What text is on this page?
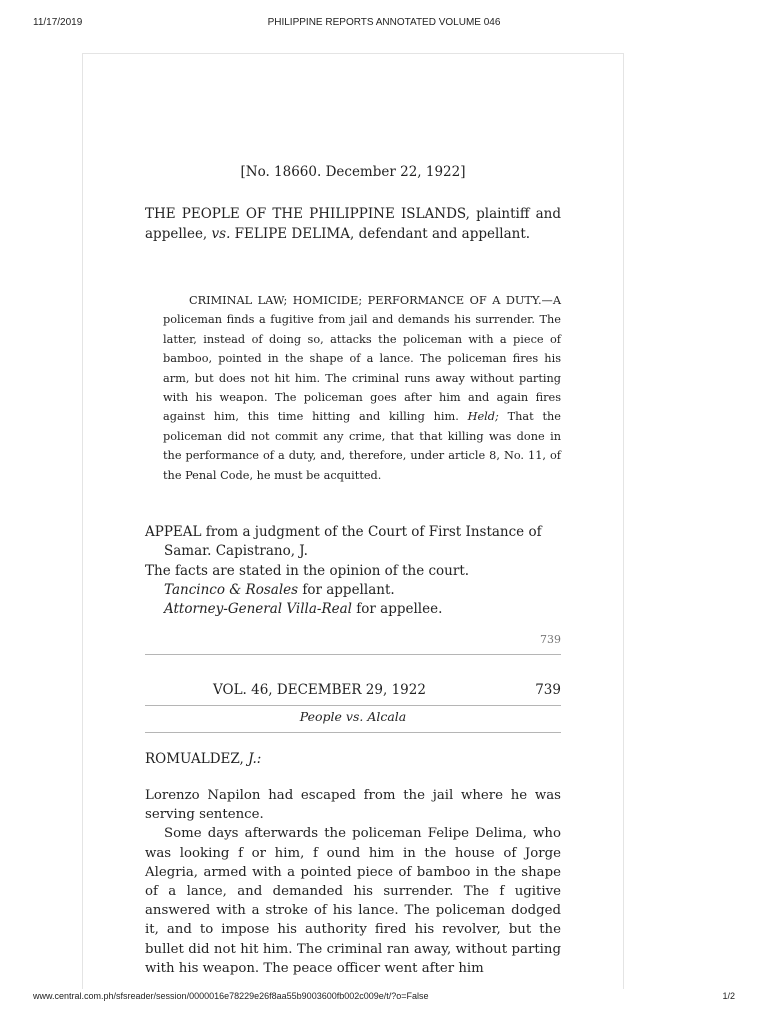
11/17/2019	PHILIPPINE REPORTS ANNOTATED VOLUME 046
[No. 18660. December 22, 1922]
THE PEOPLE OF THE PHILIPPINE ISLANDS, plaintiff and appellee, vs. FELIPE DELIMA, defendant and appellant.

CRIMINAL LAW; HOMICIDE; PERFORMANCE OF A DUTY.—A policeman finds a fugitive from jail and demands his surrender. The latter, instead of doing so, attacks the policeman with a piece of bamboo, pointed in the shape of a lance. The policeman fires his arm, but does not hit him. The criminal runs away without parting with his weapon. The policeman goes after him and again fires against him, this time hitting and killing him. Held; That the policeman did not commit any crime, that that killing was done in the performance of a duty, and, therefore, under article 8, No. 11, of the Penal Code, he must be acquitted.

APPEAL from a judgment of the Court of First Instance of Samar. Capistrano, J.

The facts are stated in the opinion of the court.

Tancinco & Rosales for appellant.

Attorney-General Villa-Real for appellee.

739
VOL. 46, DECEMBER 29, 1922	739
People vs. Alcala
ROMUALDEZ, J.:

Lorenzo Napilon had escaped from the jail where he was serving sentence.

Some days afterwards the policeman Felipe Delima, who was looking f or him, f ound him in the house of Jorge Alegria, armed with a pointed piece of bamboo in the shape of a lance, and demanded his surrender. The f ugitive answered with a stroke of his lance. The policeman dodged it, and to impose his authority fired his revolver, but the bullet did not hit him. The criminal ran away, without parting with his weapon. The peace officer went after him

www.central.com.ph/sfsreader/session/0000016e78229e26f8aa55b9003600fb002c009e/t/?o=False	1/2
